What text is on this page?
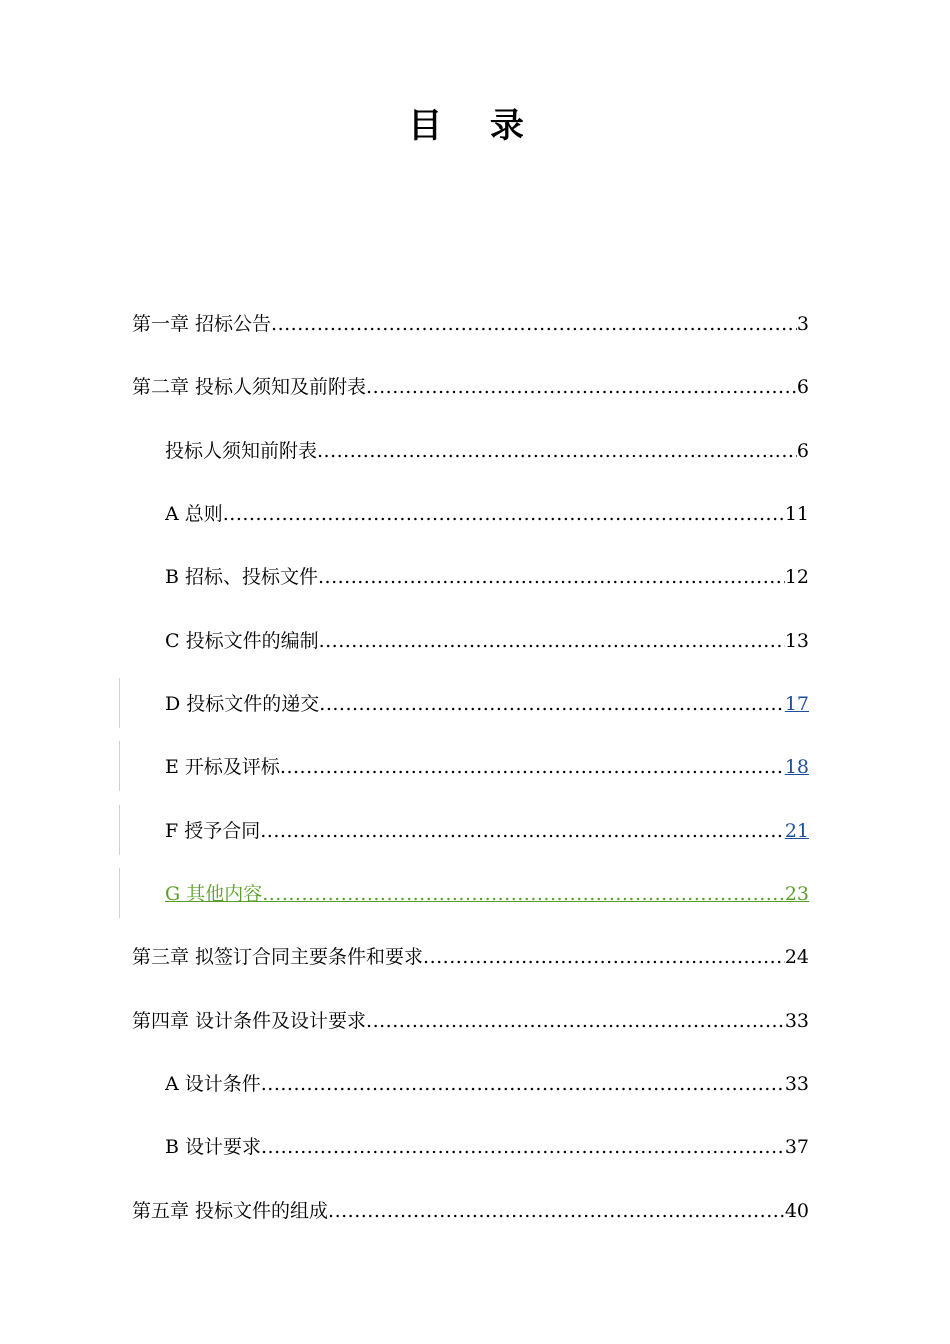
目 录
第一章 招标公告 .....	3
第二章 投标人须知及前附表 .....	6
投标人须知前附表 .....	6
A 总则 .....	11
B 招标、投标文件 .....	12
C 投标文件的编制 .....	13
D 投标文件的递交 .....	17
E 开标及评标 .....	18
F 授予合同 .....	21
G 其他内容 .....	23
第三章 拟签订合同主要条件和要求 .....	24
第四章 设计条件及设计要求 .....	33
A 设计条件 .....	33
B 设计要求 .....	37
第五章 投标文件的组成 .....	40
